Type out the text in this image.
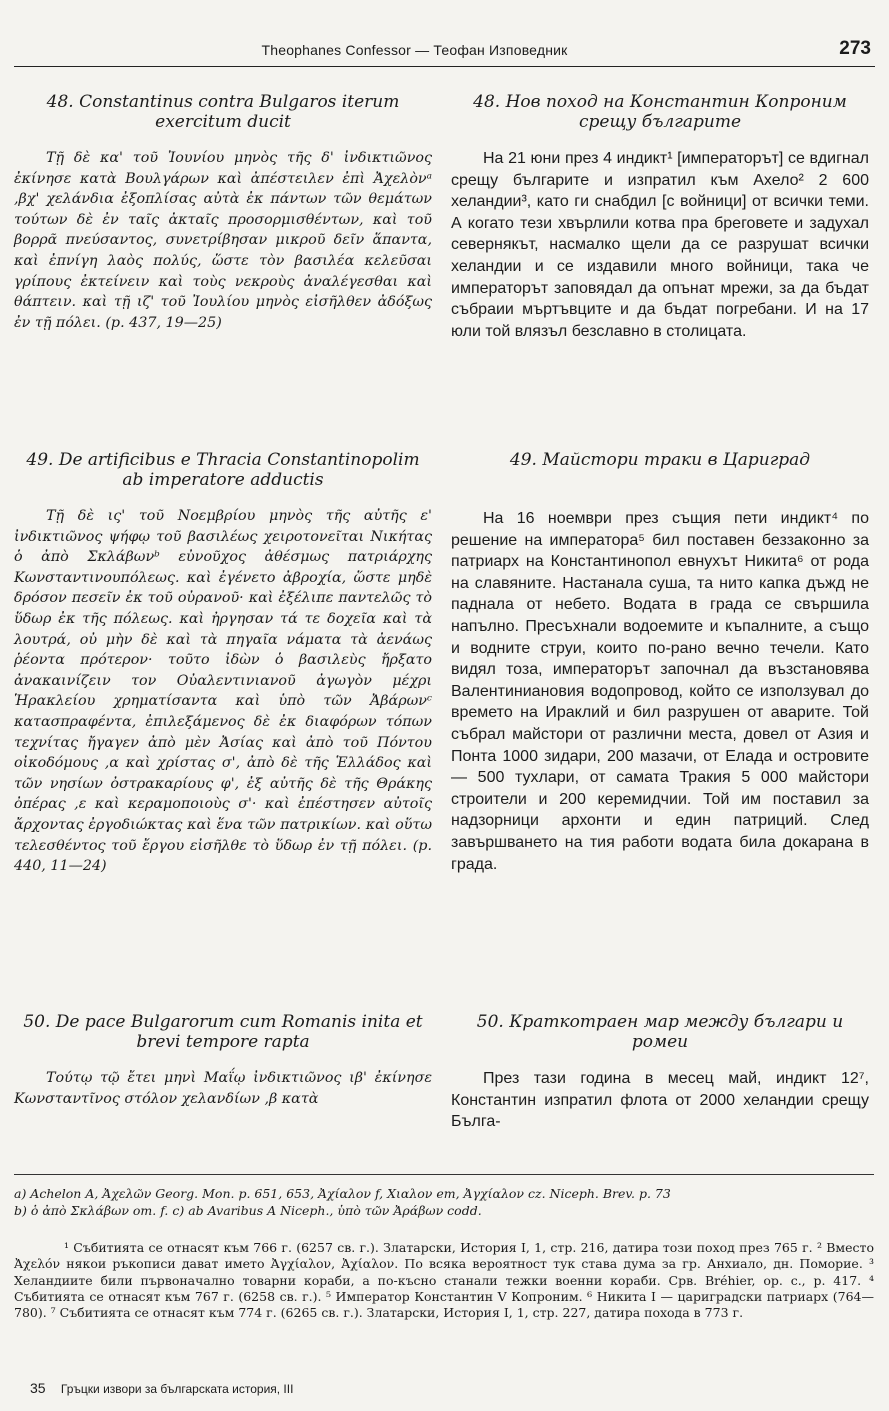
Theophanes Confessor — Теофан Изповедник	273

48. Constantinus contra Bulgaros iterum exercitum ducit

Τῇ δὲ κα' τοῦ Ἰουνίου μηνὸς τῆς δ' ἰνδικτιῶνος ἐκίνησε κατὰ Βουλγάρων καὶ ἀπέστειλεν ἐπὶ Ἀχελὸνᵃ ,βχ' χελάνδια ἐξοπλίσας αὐτὰ ἐκ πάντων τῶν θεμάτων τούτων δὲ ἐν ταῖς ἀκταῖς προσορμισθέντων, καὶ τοῦ βορρᾶ πνεύσαντος, συνετρίβησαν μικροῦ δεῖν ἅπαντα, καὶ ἐπνίγη λαὸς πολύς, ὥστε τὸν βασιλέα κελεῦσαι γρίπους ἐκτείνειν καὶ τοὺς νεκροὺς ἀναλέγεσθαι καὶ θάπτειν. καὶ τῇ ιζ' τοῦ Ἰουλίου μηνὸς εἰσῆλθεν ἀδόξως ἐν τῇ πόλει. (p. 437, 19—25)

49. De artificibus e Thracia Constantinopolim ab imperatore adductis

Τῇ δὲ ις' τοῦ Νοεμβρίου μηνὸς τῆς αὐτῆς ε' ἰνδικτιῶνος ψήφῳ τοῦ βασιλέως χειροτονεῖται Νικήτας ὁ ἀπὸ Σκλάβωνᵇ εὐνοῦχος ἀθέσμως πατριάρχης Κωνσταντινουπόλεως. καὶ ἐγένετο ἀβροχία, ὥστε μηδὲ δρόσον πεσεῖν ἐκ τοῦ οὐρανοῦ· καὶ ἐξέλιπε παντελῶς τὸ ὕδωρ ἐκ τῆς πόλεως. καὶ ἠργησαν τά τε δοχεῖα καὶ τὰ λουτρά, οὐ μὴν δὲ καὶ τὰ πηγαῖα νάματα τὰ ἀενάως ῥέοντα πρότερον· τοῦτο ἰδὼν ὁ βασιλεὺς ἤρξατο ἀνακαινίζειν τον Οὐαλεντινιανοῦ ἀγωγὸν μέχρι Ἡρακλείου χρηματίσαντα καὶ ὑπὸ τῶν Ἀβάρωνᶜ κατασπραφέντα, ἐπιλεξάμενος δὲ ἐκ διαφόρων τόπων τεχνίτας ἤγαγεν ἀπὸ μὲν Ἀσίας καὶ ἀπὸ τοῦ Πόντου οἰκοδόμους ,α καὶ χρίστας σ', ἀπὸ δὲ τῆς Ἑλλάδος καὶ τῶν νησίων ὀστρακαρίους φ', ἐξ αὐτῆς δὲ τῆς Θράκης ὀπέρας ,ε καὶ κεραμοποιοὺς σ'· καὶ ἐπέστησεν αὐτοῖς ἄρχοντας ἐργοδιώκτας καὶ ἕνα τῶν πατρικίων. καὶ οὕτω τελεσθέντος τοῦ ἔργου εἰσῆλθε τὸ ὕδωρ ἐν τῇ πόλει. (p. 440, 11—24)

50. De pace Bulgarorum cum Romanis inita et brevi tempore rapta

Τούτῳ τῷ ἔτει μηνὶ Μαΐῳ ἰνδικτιῶνος ιβ' ἐκίνησε Κωνσταντῖνος στόλον χελανδίων ,β κατὰ

48. Нов поход на Константин Копроним срещу българите

На 21 юни през 4 индикт¹ [императорът] се вдигнал срещу българите и изпратил към Ахело² 2 600 хеландии³, като ги снабдил [с войници] от всички теми. А когато тези хвърлили котва пра бреговете и задухал севернякът, насмалко щели да се разрушат всички хеландии и се издавили много войници, така че императорът заповядал да опънат мрежи, за да бъдат събраии мъртъвците и да бъдат погребани. И на 17 юли той влязъл безславно в столицата.

49. Майстори траки в Цариград

На 16 ноември през същия пети индикт⁴ по решение на императора⁵ бил поставен беззаконно за патриарх на Константинопол евнухът Никита⁶ от рода на славяните. Настанала суша, та нито капка дъжд не паднала от небето. Водата в града се свършила напълно. Пресъхнали водоемите и къпалните, а също и водните струи, които по-рано вечно течели. Като видял тоза, императорът започнал да възстановява Валентиниановия водопровод, който се използувал до времето на Ираклий и бил разрушен от аварите. Той събрал майстори от различни места, довел от Азия и Понта 1000 зидари, 200 мазачи, от Елада и островите — 500 тухлари, от самата Тракия 5 000 майстори строители и 200 керемидчии. Той им поставил за надзорници архонти и един патриций. След завършването на тия работи водата била докарана в града.

50. Краткотраен мар между българи и ромеи

През тази година в месец май, индикт 12⁷, Константин изпратил флота от 2000 хеландии срещу Бълга-

a) Achelon A, Ἀχελῶν Georg. Mon. p. 651, 653, Ἀχίαλον f, Χιαλον em, Ἀγχίαλον cz. Niceph. Brev. p. 73
b) ὁ ἀπὸ Σκλάβων om. f. c) ab Avaribus A Niceph., ὑπὸ τῶν Ἀράβων codd.
¹ Събитията се отнасят към 766 г. (6257 св. г.). Златарски, История I, 1, стр. 216, датира този поход през 765 г. ² Вместо Ἀχελόν някои ръкописи дават името Ἀγχίαλον, Ἀχίαλον. По всяка вероятност тук става дума за гр. Анхиало, дн. Поморие. ³ Хеландиите били първоначално товарни кораби, а по-късно станали тежки военни кораби. Срв. Bréhier, op. c., p. 417. ⁴ Събитията се отнасят към 767 г. (6258 св. г.). ⁵ Император Константин V Копроним. ⁶ Никита I — цариградски патриарх (764—780). ⁷ Събитията се отнасят към 774 г. (6265 св. г.). Златарски, История I, 1, стр. 227, датира похода в 773 г.
35 Гръцки извори за българската история, III
